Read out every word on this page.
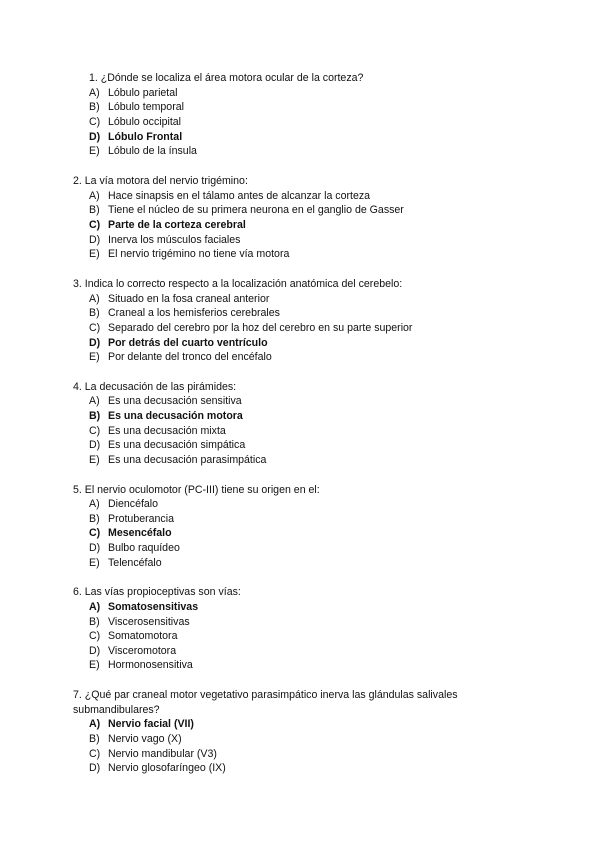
1. ¿Dónde se localiza el área motora ocular de la corteza?
A) Lóbulo parietal
B) Lóbulo temporal
C) Lóbulo occipital
D) Lóbulo Frontal
E) Lóbulo de la ínsula
2. La vía motora del nervio trigémino:
A) Hace sinapsis en el tálamo antes de alcanzar la corteza
B) Tiene el núcleo de su primera neurona en el ganglio de Gasser
C) Parte de la corteza cerebral
D) Inerva los músculos faciales
E) El nervio trigémino no tiene vía motora
3. Indica lo correcto respecto a la localización anatómica del cerebelo:
A) Situado en la fosa craneal anterior
B) Craneal a los hemisferios cerebrales
C) Separado del cerebro por la hoz del cerebro en su parte superior
D) Por detrás del cuarto ventrículo
E) Por delante del tronco del encéfalo
4. La decusación de las pirámides:
A) Es una decusación sensitiva
B) Es una decusación motora
C) Es una decusación mixta
D) Es una decusación simpática
E) Es una decusación parasimpática
5. El nervio oculomotor (PC-III) tiene su origen en el:
A) Diencéfalo
B) Protuberancia
C) Mesencéfalo
D) Bulbo raquídeo
E) Telencéfalo
6. Las vías propioceptivas son vías:
A) Somatosensitivas
B) Viscerosensitivas
C) Somatomotora
D) Visceromotora
E) Hormonosensitiva
7. ¿Qué par craneal motor vegetativo parasimpático inerva las glándulas salivales submandibulares?
A) Nervio facial (VII)
B) Nervio vago (X)
C) Nervio mandibular (V3)
D) Nervio glosofaríngeo (IX)
